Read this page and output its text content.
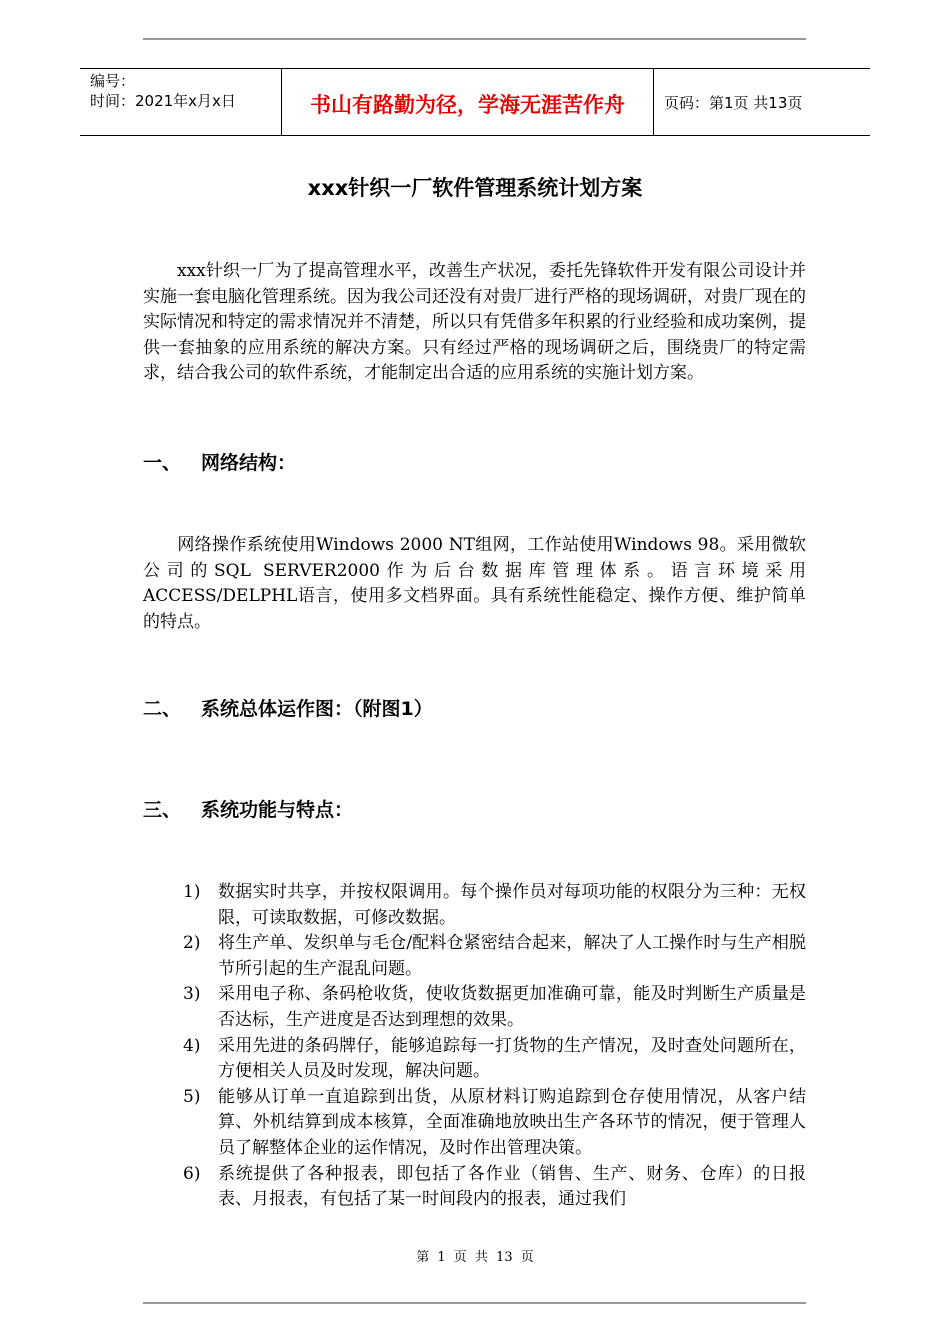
编号：
时间：2021年x月x日	书山有路勤为径，学海无涯苦作舟	页码：第1页 共13页
xxx针织一厂软件管理系统计划方案

xxx针织一厂为了提高管理水平，改善生产状况，委托先锋软件开发有限公司设计并实施一套电脑化管理系统。因为我公司还没有对贵厂进行严格的现场调研，对贵厂现在的实际情况和特定的需求情况并不清楚，所以只有凭借多年积累的行业经验和成功案例，提供一套抽象的应用系统的解决方案。只有经过严格的现场调研之后，围绕贵厂的特定需求，结合我公司的软件系统，才能制定出合适的应用系统的实施计划方案。

一、	网络结构：

网络操作系统使用Windows 2000 NT组网，工作站使用Windows 98。采用微软公司的SQL SERVER2000作为后台数据库管理体系。语言环境采用ACCESS/DELPHL语言，使用多文档界面。具有系统性能稳定、操作方便、维护简单的特点。

二、	系统总体运作图：（附图1）
三、	系统功能与特点：
1)	数据实时共享，并按权限调用。每个操作员对每项功能的权限分为三种：无权限，可读取数据，可修改数据。
2)	将生产单、发织单与毛仓/配料仓紧密结合起来，解决了人工操作时与生产相脱节所引起的生产混乱问题。
3)	采用电子称、条码枪收货，使收货数据更加准确可靠，能及时判断生产质量是否达标，生产进度是否达到理想的效果。
4)	采用先进的条码牌仔，能够追踪每一打货物的生产情况，及时查处问题所在，方便相关人员及时发现，解决问题。
5)	能够从订单一直追踪到出货，从原材料订购追踪到仓存使用情况，从客户结算、外机结算到成本核算，全面准确地放映出生产各环节的情况，便于管理人员了解整体企业的运作情况，及时作出管理决策。
6)	系统提供了各种报表，即包括了各作业（销售、生产、财务、仓库）的日报表、月报表，有包括了某一时间段内的报表，通过我们
第 1 页 共 13 页
